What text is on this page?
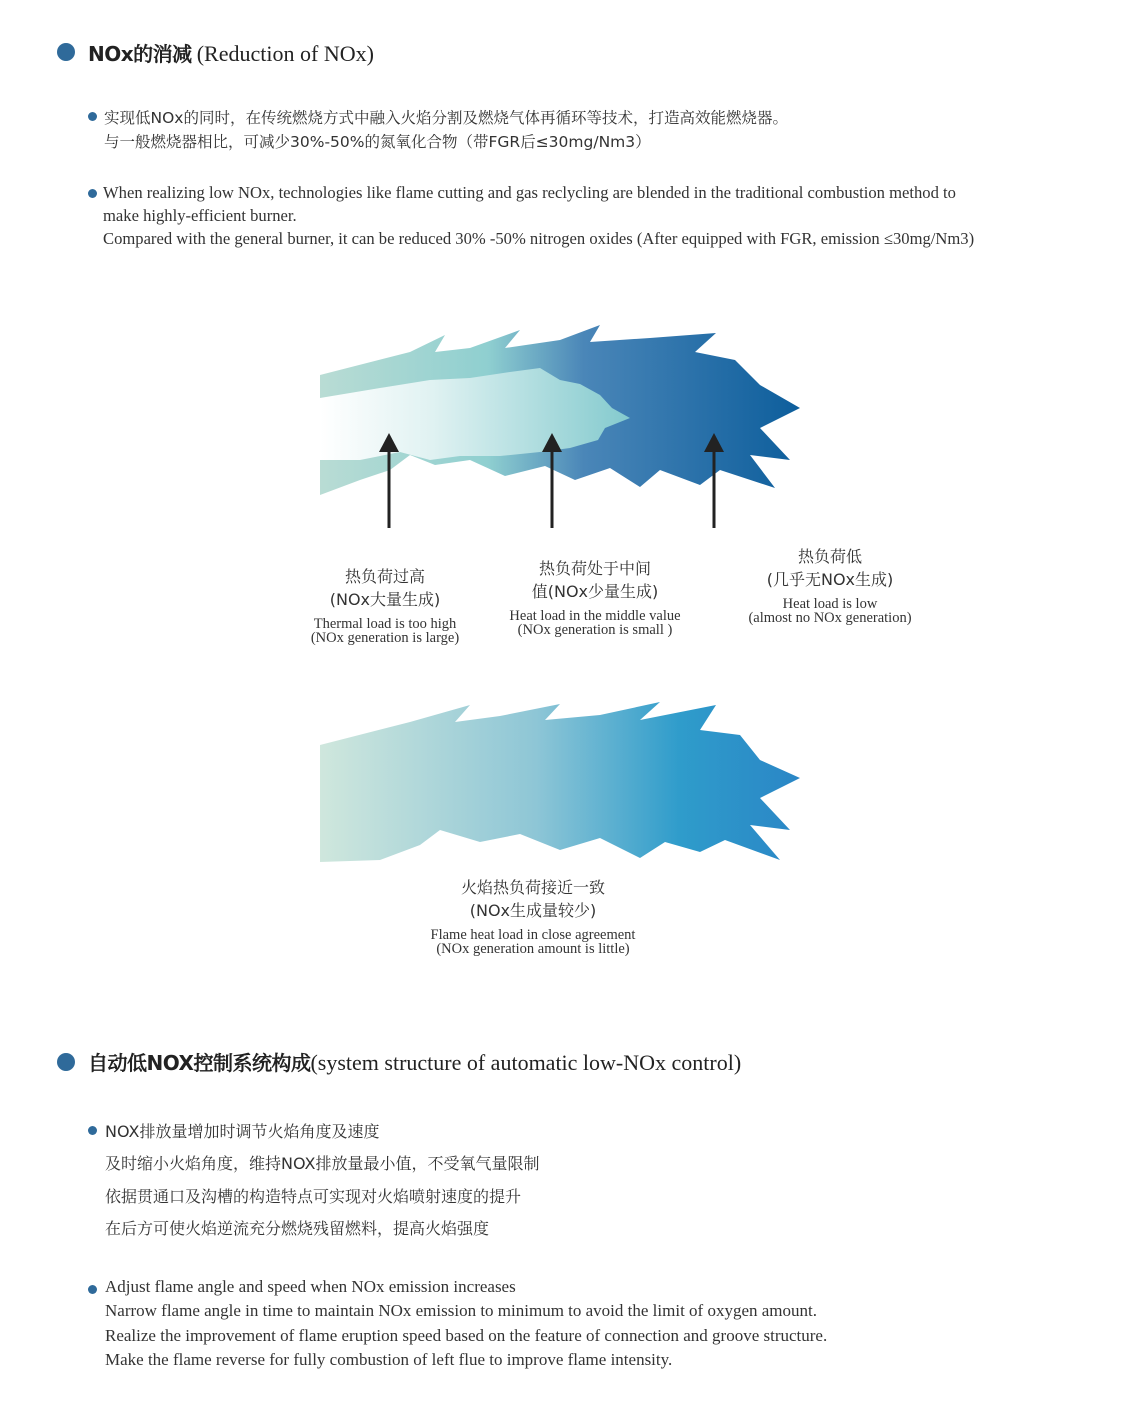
NOx的消减 (Reduction of NOx)
实现低NOx的同时，在传统燃烧方式中融入火焰分割及燃烧气体再循环等技术，打造高效能燃烧器。
与一般燃烧器相比，可减少30%-50%的氮氧化合物（带FGR后≤30mg/Nm3）
When realizing low NOx, technologies like flame cutting and gas reclycling are blended in the traditional combustion method to
make highly-efficient burner.
Compared with the general burner, it can be reduced 30% -50% nitrogen oxides (After equipped with FGR, emission ≤30mg/Nm3)
热负荷过高
(NOx大量生成)
Thermal load is too high
(NOx generation is large)
热负荷处于中间
值(NOx少量生成)
Heat load in the middle value
(NOx generation is small )
热负荷低
(几乎无NOx生成)
Heat load is low
(almost no NOx generation)
火焰热负荷接近一致
(NOx生成量较少)
Flame heat load in close agreement
(NOx generation amount is little)
自动低NOX控制系统构成(system structure of automatic low-NOx control)
NOX排放量增加时调节火焰角度及速度
及时缩小火焰角度，维持NOX排放量最小值，不受氧气量限制
依据贯通口及沟槽的构造特点可实现对火焰喷射速度的提升
在后方可使火焰逆流充分燃烧残留燃料，提高火焰强度
Adjust flame angle and speed when NOx emission increases
Narrow flame angle in time to maintain NOx emission to minimum to avoid the limit of oxygen amount.
Realize the improvement of flame eruption speed based on the feature of connection and groove structure.
Make the flame reverse for fully combustion of left flue to improve flame intensity.
